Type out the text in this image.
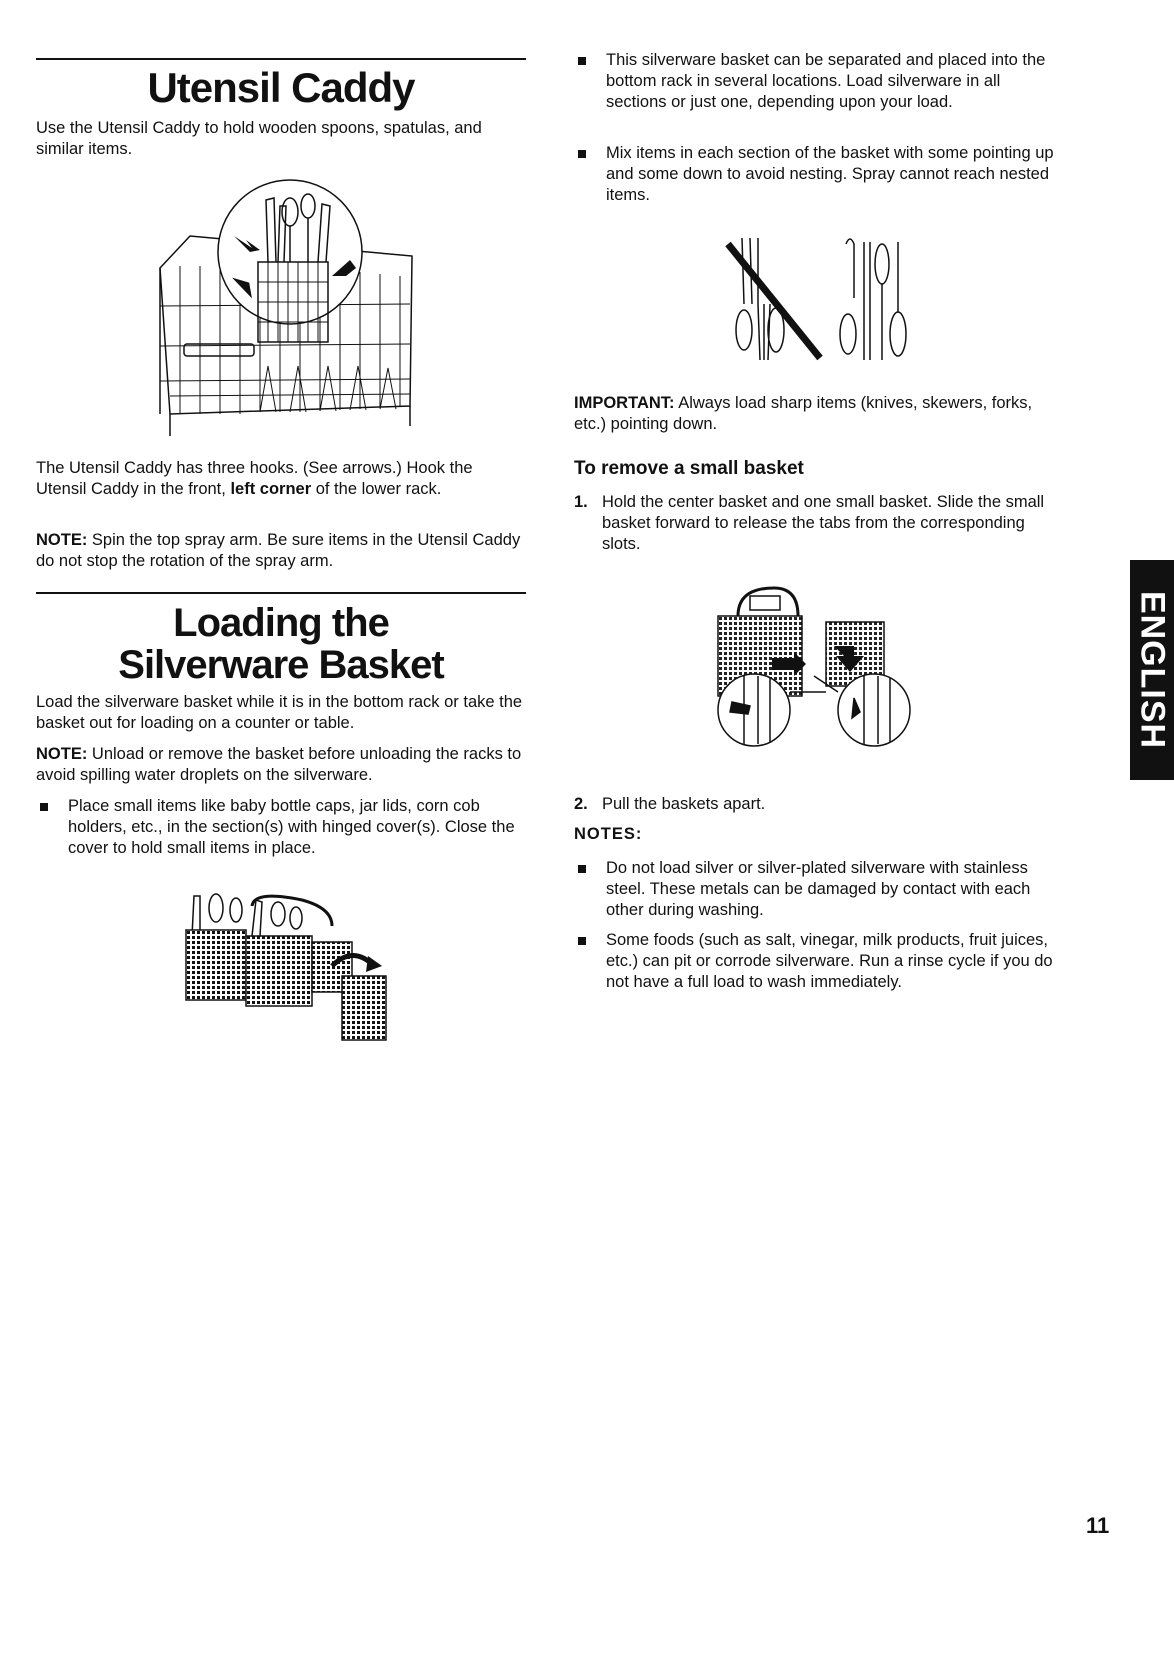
Utensil Caddy

Use the Utensil Caddy to hold wooden spoons, spatulas, and similar items.

The Utensil Caddy has three hooks. (See arrows.) Hook the Utensil Caddy in the front, left corner of the lower rack.

NOTE: Spin the top spray arm. Be sure items in the Utensil Caddy do not stop the rotation of the spray arm.

Loading the
Silverware Basket

Load the silverware basket while it is in the bottom rack or take the basket out for loading on a counter or table.

NOTE: Unload or remove the basket before unloading the racks to avoid spilling water droplets on the silverware.

Place small items like baby bottle caps, jar lids, corn cob holders, etc., in the section(s) with hinged cover(s). Close the cover to hold small items in place.
This silverware basket can be separated and placed into the bottom rack in several locations. Load silverware in all sections or just one, depending upon your load.
Mix items in each section of the basket with some pointing up and some down to avoid nesting. Spray cannot reach nested items.

IMPORTANT: Always load sharp items (knives, skewers, forks, etc.) pointing down.

To remove a small basket
1. Hold the center basket and one small basket. Slide the small basket forward to release the tabs from the corresponding slots.
2. Pull the baskets apart.
NOTES:
Do not load silver or silver-plated silverware with stainless steel. These metals can be damaged by contact with each other during washing.
Some foods (such as salt, vinegar, milk products, fruit juices, etc.) can pit or corrode silverware. Run a rinse cycle if you do not have a full load to wash immediately.
ENGLISH
11
